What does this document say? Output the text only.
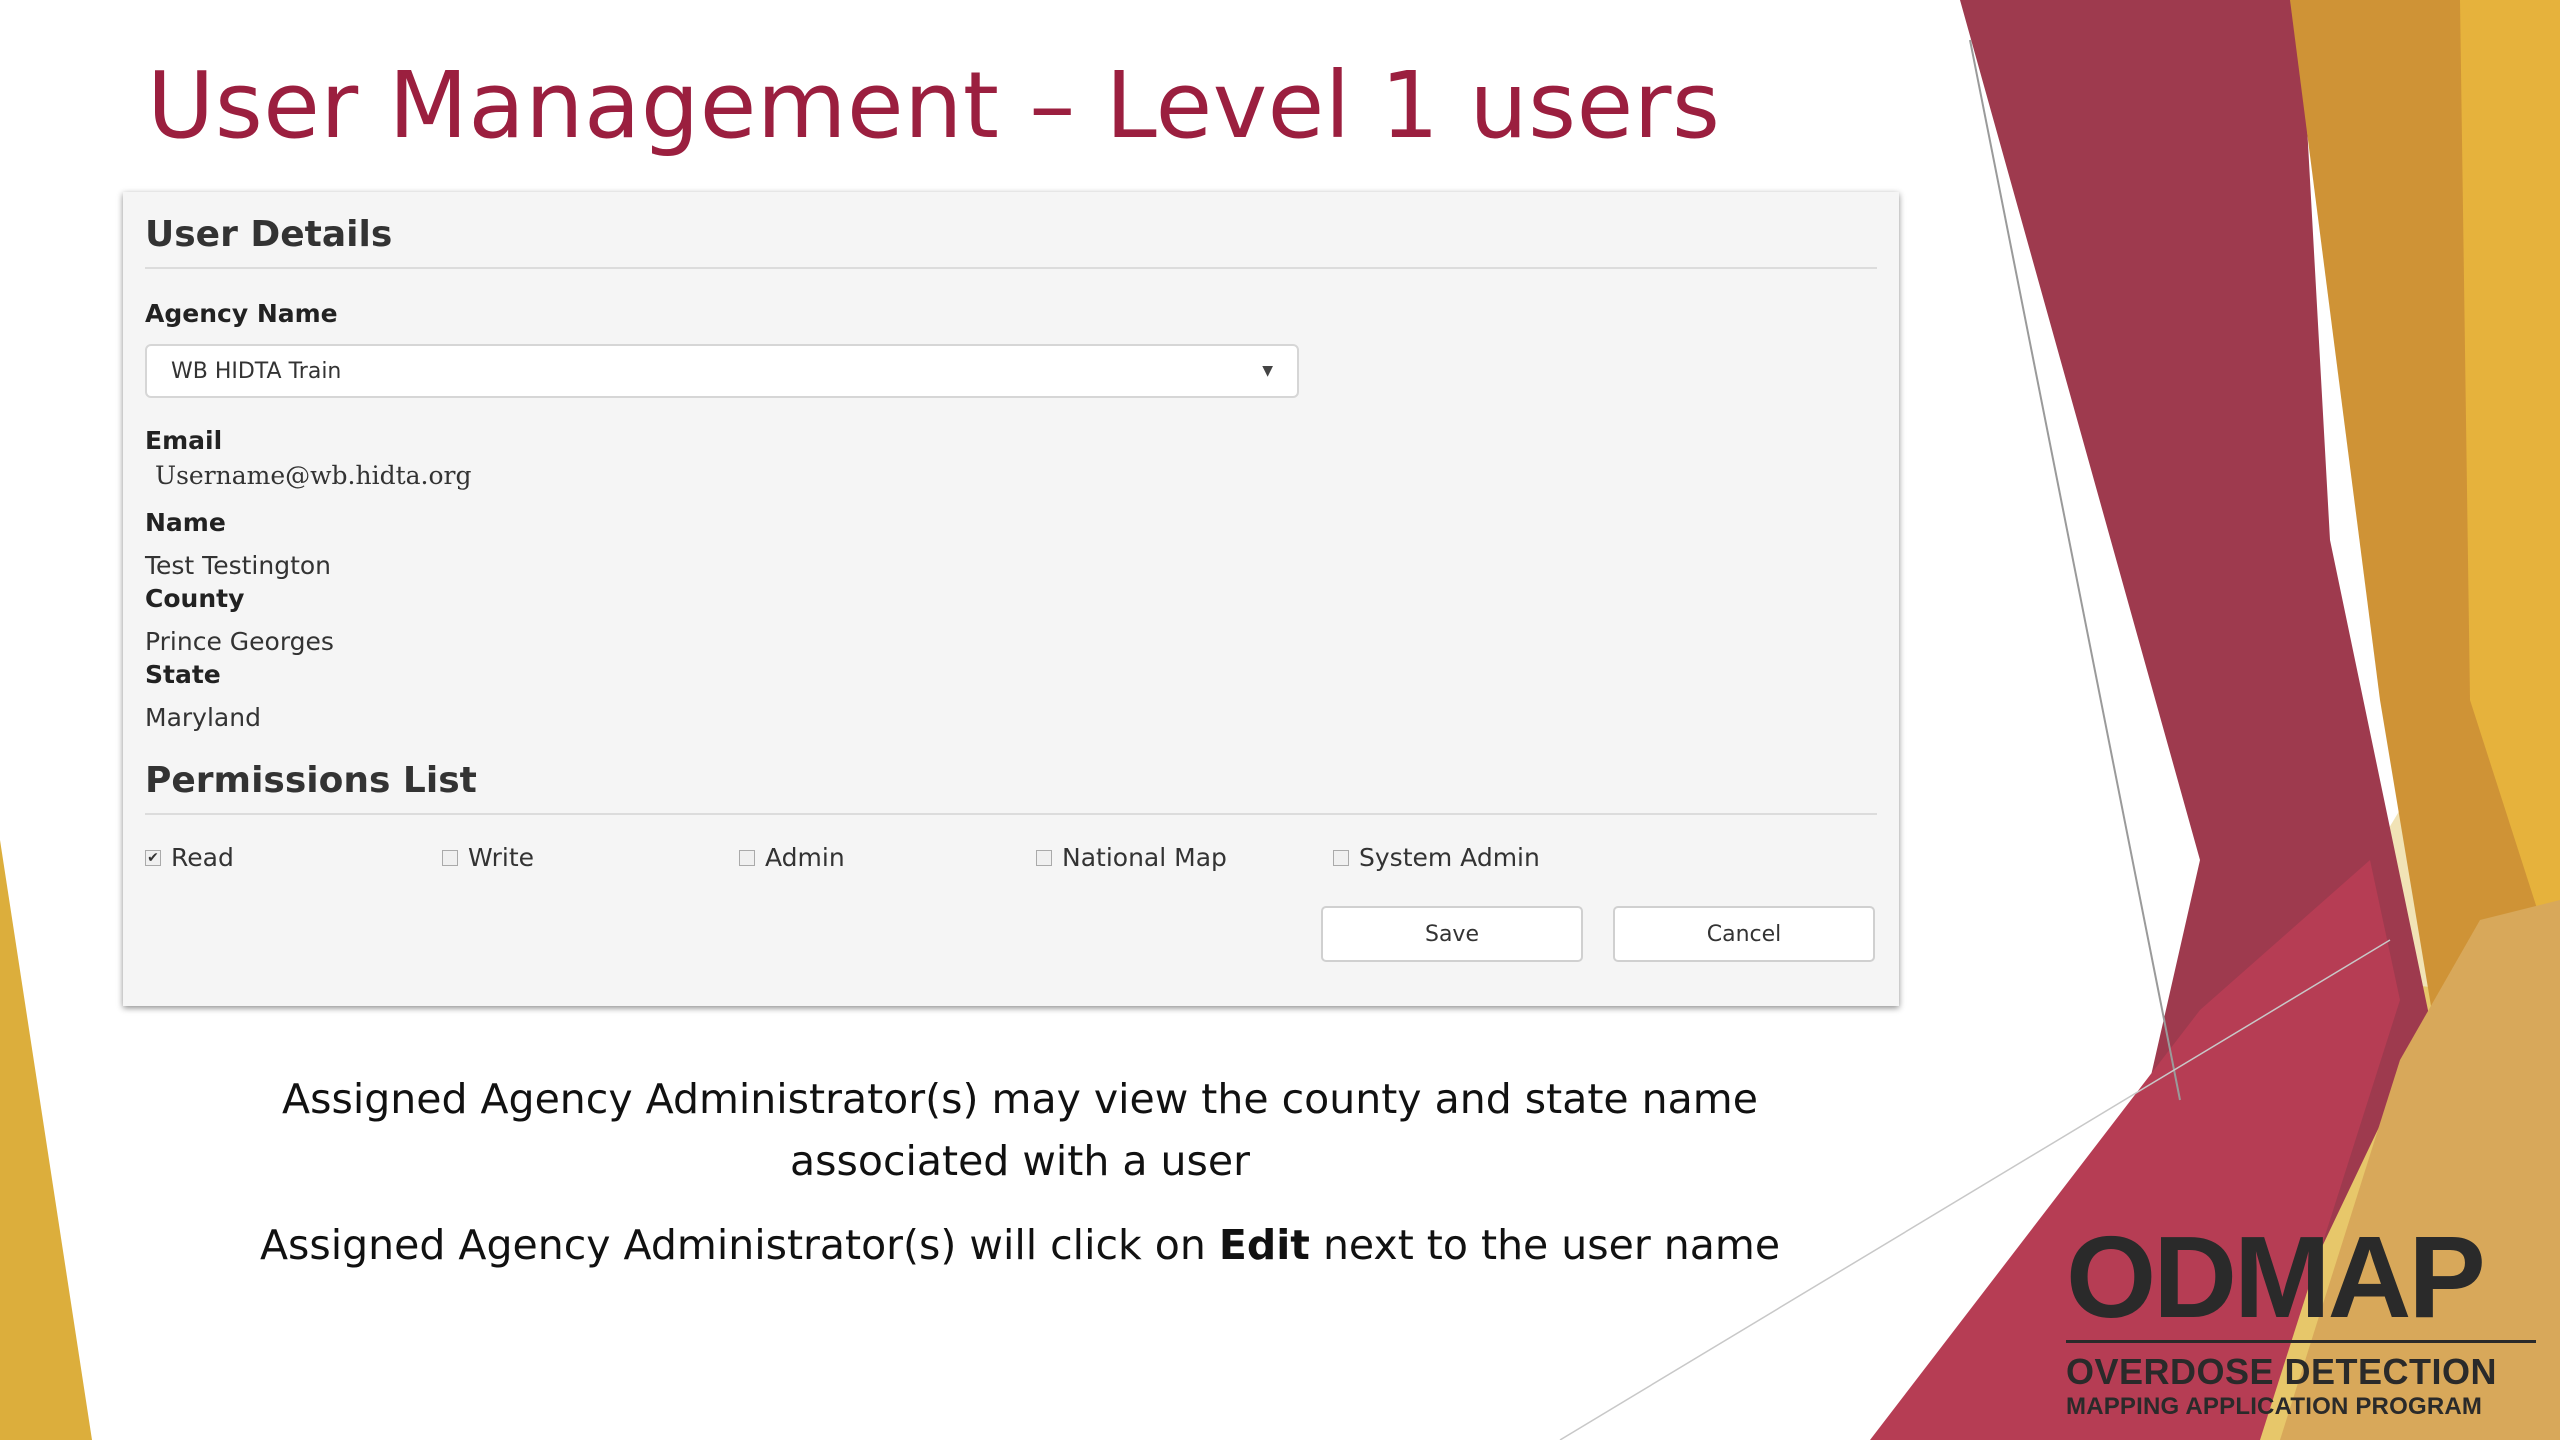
User Management – Level 1 users
User Details
Agency Name
WB HIDTA Train	▼
Email
Username@wb.hidta.org
Name
Test Testington
County
Prince Georges
State
Maryland
Permissions List
✔ Read	Write	Admin	National Map	System Admin
Save	Cancel
Assigned Agency Administrator(s) may view the county and state name associated with a user
Assigned Agency Administrator(s) will click on Edit next to the user name	ODMAP
OVERDOSE DETECTION
MAPPING APPLICATION PROGRAM
